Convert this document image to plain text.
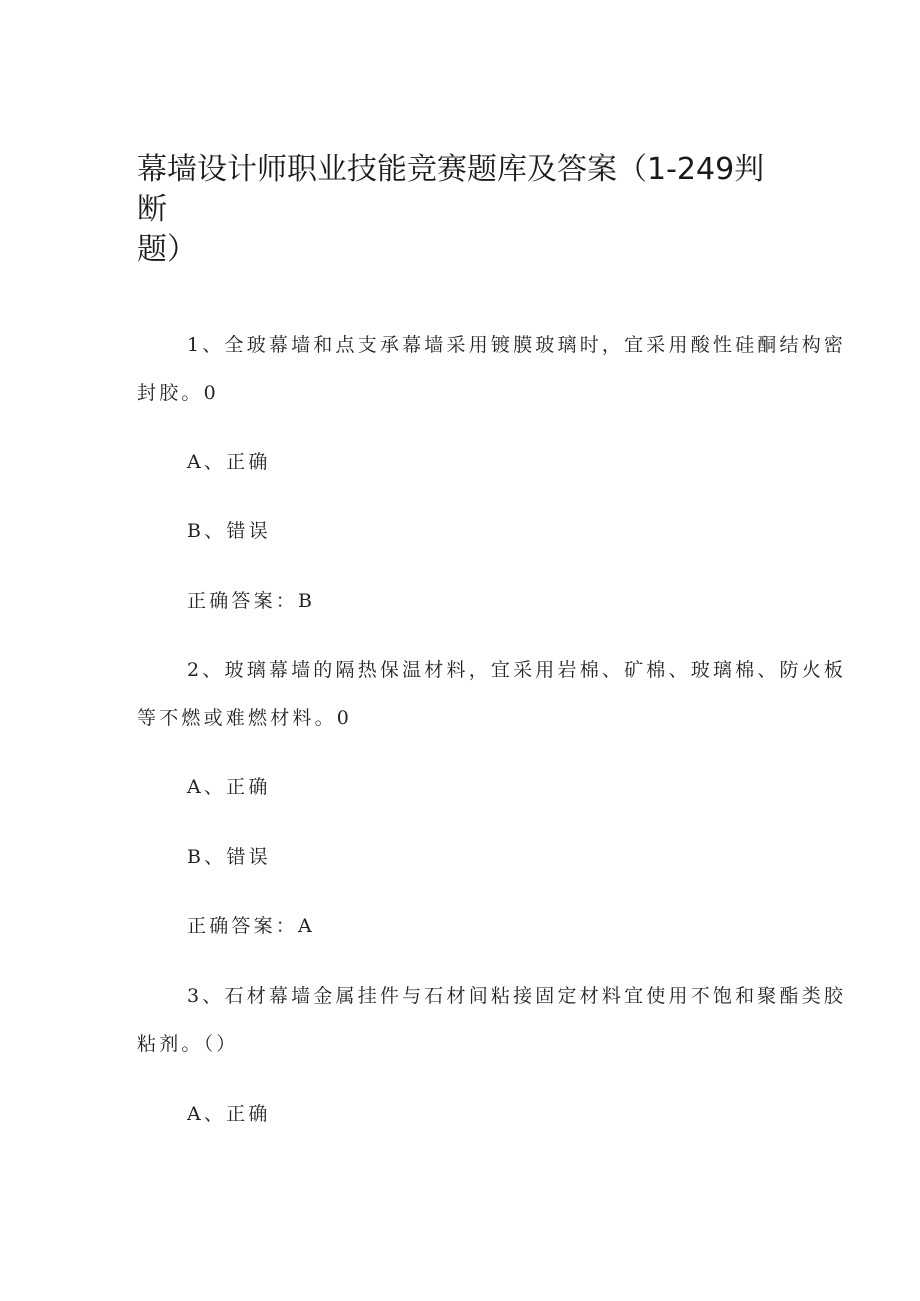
幕墙设计师职业技能竞赛题库及答案（1-249判断
题）
1、全玻幕墙和点支承幕墙采用镀膜玻璃时，宜采用酸性硅酮结构密
封胶。0
A、正确
B、错误
正确答案：B
2、玻璃幕墙的隔热保温材料，宜采用岩棉、矿棉、玻璃棉、防火板
等不燃或难燃材料。0
A、正确
B、错误
正确答案：A
3、石材幕墙金属挂件与石材间粘接固定材料宜使用不饱和聚酯类胶
粘剂。（）
A、正确
